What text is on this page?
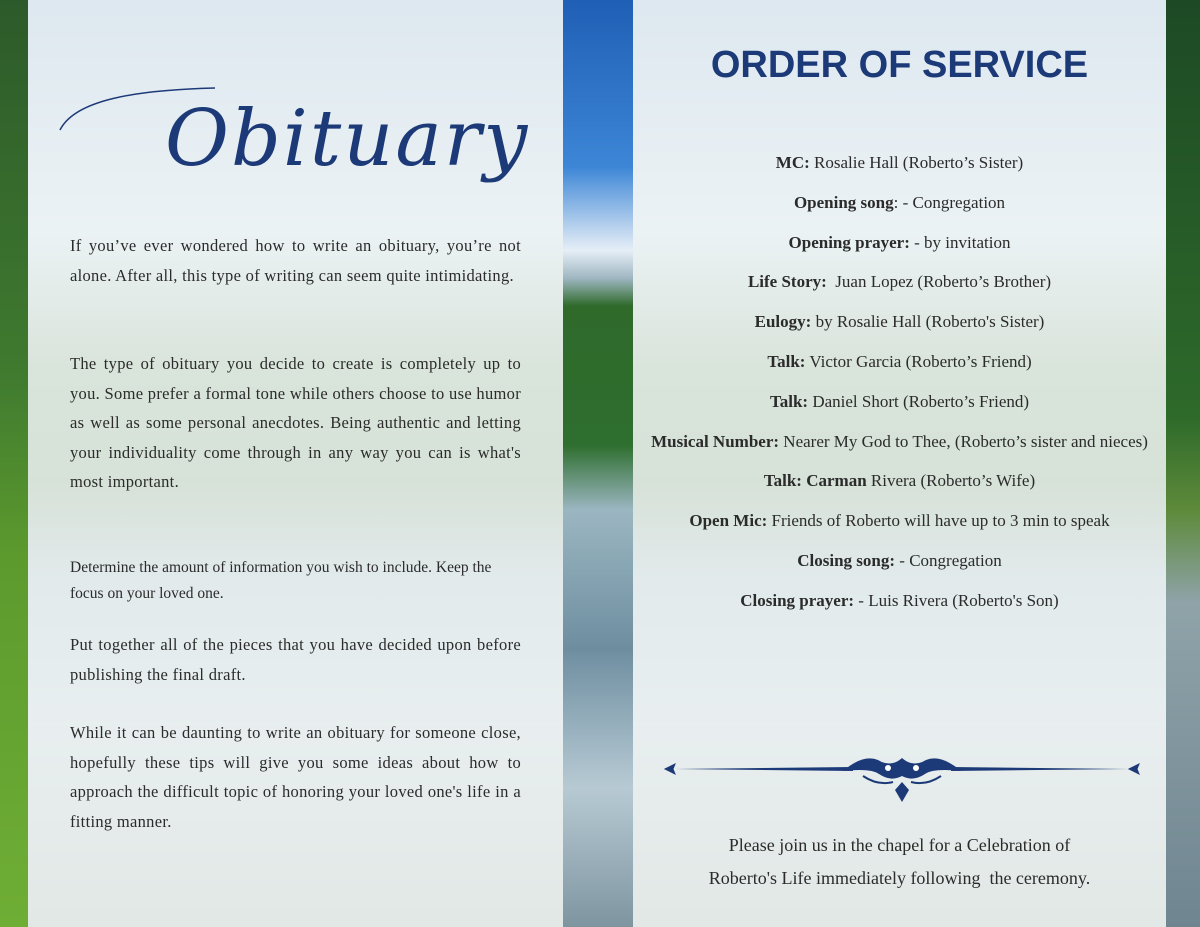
Obituary

If you’ve ever wondered how to write an obituary, you’re not alone. After all, this type of writing can seem quite intimidating.

The type of obituary you decide to create is completely up to you. Some prefer a formal tone while others choose to use humor as well as some personal anecdotes. Being authentic and letting your individuality come through in any way you can is what's most important.

Determine the amount of information you wish to include. Keep the focus on your loved one.

Put together all of the pieces that you have decided upon before publishing the final draft.

While it can be daunting to write an obituary for someone close, hopefully these tips will give you some ideas about how to approach the difficult topic of honoring your loved one's life in a fitting manner.

ORDER OF SERVICE
MC: Rosalie Hall (Roberto’s Sister)
Opening song: - Congregation
Opening prayer: - by invitation
Life Story:  Juan Lopez (Roberto’s Brother)
Eulogy: by Rosalie Hall (Roberto's Sister)
Talk: Victor Garcia (Roberto’s Friend)
Talk: Daniel Short (Roberto’s Friend)
Musical Number: Nearer My God to Thee, (Roberto’s sister and nieces)
Talk: Carman Rivera (Roberto’s Wife)
Open Mic: Friends of Roberto will have up to 3 min to speak
Closing song: - Congregation
Closing prayer: - Luis Rivera (Roberto's Son)
Please join us in the chapel for a Celebration of
Roberto's Life immediately following  the ceremony.
